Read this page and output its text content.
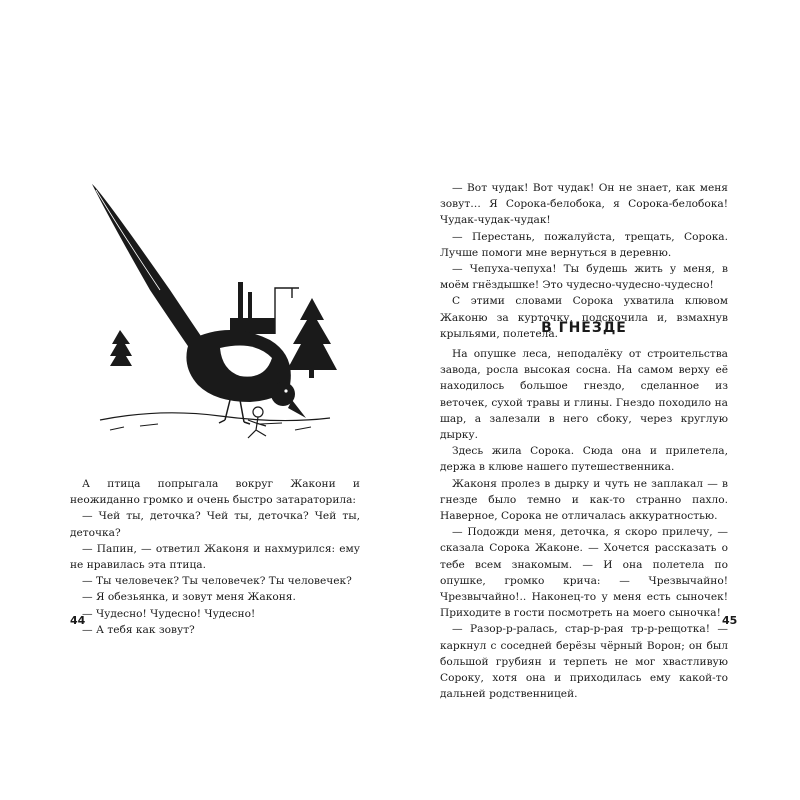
А птица попрыгала вокруг Жакони и неожиданно громко и очень быстро затараторила:

— Чей ты, деточка? Чей ты, деточка? Чей ты, деточка?

— Папин, — ответил Жаконя и нахмурился: ему не нравилась эта птица.

— Ты человечек? Ты человечек? Ты человечек?

— Я обезьянка, и зовут меня Жаконя.

— Чудесно! Чудесно! Чудесно!

— А тебя как зовут?

44

— Вот чудак! Вот чудак! Он не знает, как меня зовут… Я Сорока-белобока, я Сорока-белобока! Чудак-чудак-чудак!

— Перестань, пожалуйста, трещать, Сорока. Лучше помоги мне вернуться в деревню.

— Чепуха-чепуха! Ты будешь жить у меня, в моём гнёздышке! Это чудесно-чудесно-чудесно!

С этими словами Сорока ухватила клювом Жаконю за курточку, подскочила и, взмахнув крыльями, полетела.

В ГНЕЗДЕ

На опушке леса, неподалёку от строительства завода, росла высокая сосна. На самом верху её находилось большое гнездо, сделанное из веточек, сухой травы и глины. Гнездо походило на шар, а залезали в него сбоку, через круглую дырку.

Здесь жила Сорока. Сюда она и прилетела, держа в клюве нашего путешественника.

Жаконя пролез в дырку и чуть не заплакал — в гнезде было темно и как-то странно пахло. Наверное, Сорока не отличалась аккуратностью.

— Подожди меня, деточка, я скоро прилечу, — сказала Сорока Жаконе. — Хочется рассказать о тебе всем знакомым. — И она полетела по опушке, громко крича: — Чрезвычайно! Чрезвычайно!.. Наконец-то у меня есть сыночек! Приходите в гости посмотреть на моего сыночка!

— Разор-р-ралась, стар-р-рая тр-р-рещотка! — каркнул с соседней берёзы чёрный Ворон; он был большой грубиян и терпеть не мог хвастливую Сороку, хотя она и приходилась ему какой-то дальней родственницей.

45
